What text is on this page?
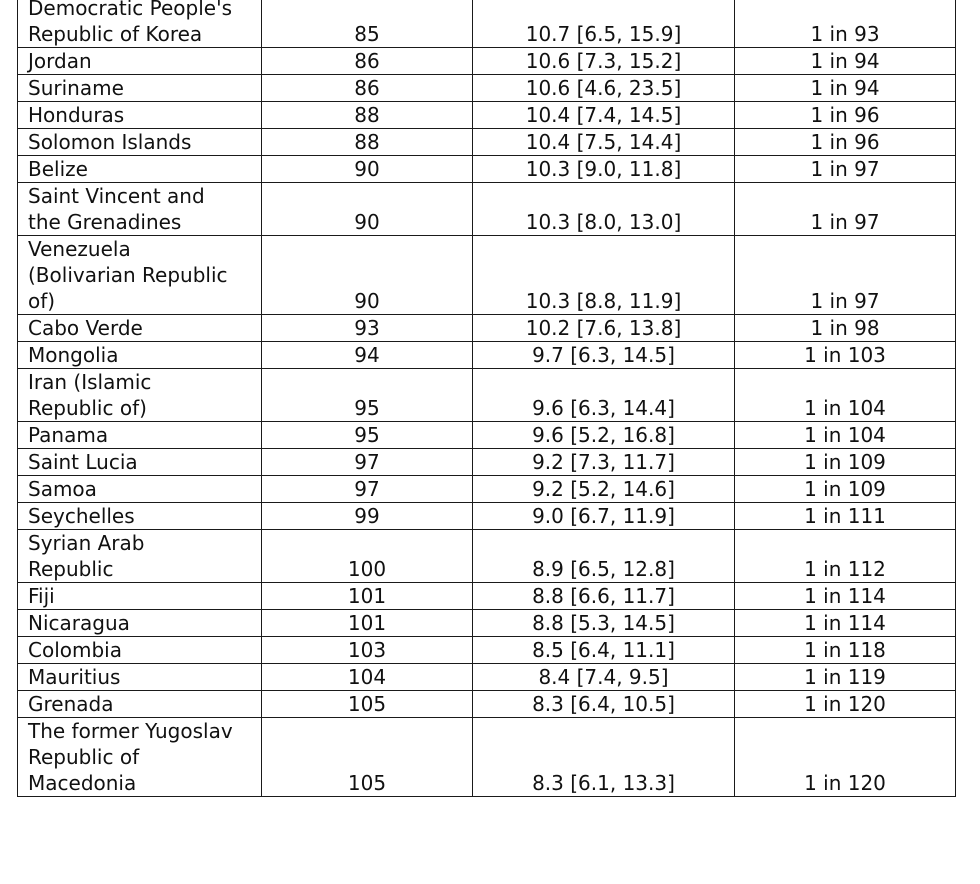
Democratic People's
Republic of Korea	85	10.7 [6.5, 15.9]	1 in 93

Jordan	86	10.6 [7.3, 15.2]	1 in 94

Suriname	86	10.6 [4.6, 23.5]	1 in 94

Honduras	88	10.4 [7.4, 14.5]	1 in 96

Solomon Islands	88	10.4 [7.5, 14.4]	1 in 96

Belize	90	10.3 [9.0, 11.8]	1 in 97

Saint Vincent and
the Grenadines	90	10.3 [8.0, 13.0]	1 in 97

Venezuela
(Bolivarian Republic
of)	90	10.3 [8.8, 11.9]	1 in 97

Cabo Verde	93	10.2 [7.6, 13.8]	1 in 98

Mongolia	94	9.7 [6.3, 14.5]	1 in 103

Iran (Islamic
Republic of)	95	9.6 [6.3, 14.4]	1 in 104

Panama	95	9.6 [5.2, 16.8]	1 in 104

Saint Lucia	97	9.2 [7.3, 11.7]	1 in 109

Samoa	97	9.2 [5.2, 14.6]	1 in 109

Seychelles	99	9.0 [6.7, 11.9]	1 in 111

Syrian Arab
Republic	100	8.9 [6.5, 12.8]	1 in 112

Fiji	101	8.8 [6.6, 11.7]	1 in 114

Nicaragua	101	8.8 [5.3, 14.5]	1 in 114

Colombia	103	8.5 [6.4, 11.1]	1 in 118

Mauritius	104	8.4 [7.4, 9.5]	1 in 119

Grenada	105	8.3 [6.4, 10.5]	1 in 120

The former Yugoslav
Republic of
Macedonia	105	8.3 [6.1, 13.3]	1 in 120
